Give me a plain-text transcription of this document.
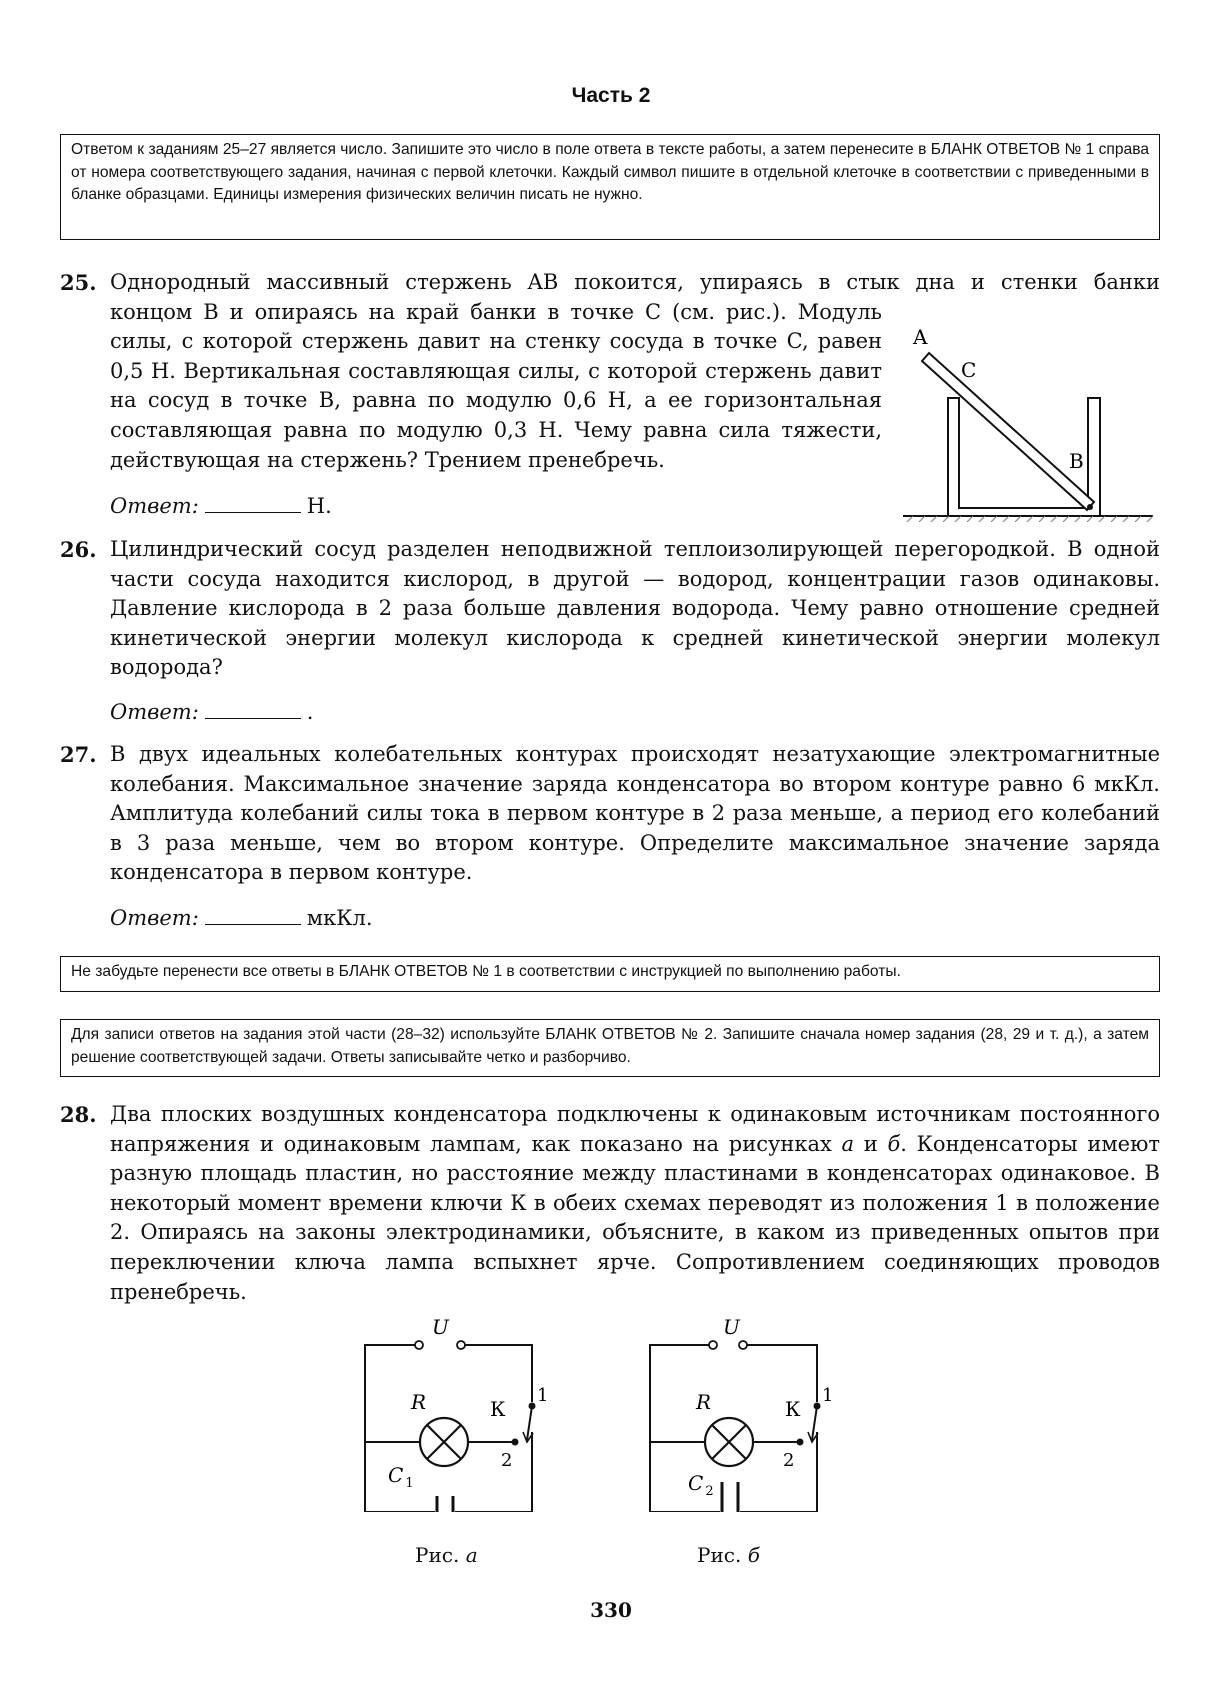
Часть 2

Ответом к заданиям 25–27 является число. Запишите это число в поле ответа в тексте работы, а затем перенесите в БЛАНК ОТВЕТОВ № 1 справа от номера соответствующего задания, начиная с первой клеточки. Каждый символ пишите в отдельной клеточке в соответствии с приведенными в бланке образцами. Единицы измерения физических величин писать не нужно.

25. Однородный массивный стержень AB покоится, упираясь в стык дна и стенки банки

концом B и опираясь на край банки в точке C (см. рис.). Модуль силы, с которой стержень давит на стенку сосуда в точке C, равен 0,5 Н. Вертикальная составляющая силы, с которой стержень давит на сосуд в точке B, равна по модулю 0,6 Н, а ее горизонтальная составляющая равна по модулю 0,3 Н. Чему равна сила тяжести, действующая на стержень? Трением пренебречь.

Ответ:	Н.
A
C
B
26. Цилиндрический сосуд разделен неподвижной теплоизолирующей перегородкой. В одной части сосуда находится кислород, в другой — водород, концентрации газов одинаковы. Давление кислорода в 2 раза больше давления водорода. Чему равно отношение средней кинетической энергии молекул кислорода к средней кинетической энергии молекул водорода?

Ответ:	.
27. В двух идеальных колебательных контурах происходят незатухающие электромагнитные колебания. Максимальное значение заряда конденсатора во втором контуре равно 6 мкКл. Амплитуда колебаний силы тока в первом контуре в 2 раза меньше, а период его колебаний в 3 раза меньше, чем во втором контуре. Определите максимальное значение заряда конденсатора в первом контуре.

Ответ:	мкКл.

Не забудьте перенести все ответы в БЛАНК ОТВЕТОВ № 1 в соответствии с инструкцией по выполнению работы.

Для записи ответов на задания этой части (28–32) используйте БЛАНК ОТВЕТОВ № 2. Запишите сначала номер задания (28, 29 и т. д.), а затем решение соответствующей задачи. Ответы записывайте четко и разборчиво.

28. Два плоских воздушных конденсатора подключены к одинаковым источникам постоянного напряжения и одинаковым лампам, как показано на рисунках а и б. Конденсаторы имеют разную площадь пластин, но расстояние между пластинами в конденсаторах одинаковое. В некоторый момент времени ключи К в обеих схемах переводят из положения 1 в положение 2. Опираясь на законы электродинамики, объясните, в каком из приведенных опытов при переключении ключа лампа вспыхнет ярче. Сопротивлением соединяющих проводов пренебречь.

U
R	К
1
2
C $_1$
Рис. а
U
R	К
1
2
C $_2$
Рис. б
330
